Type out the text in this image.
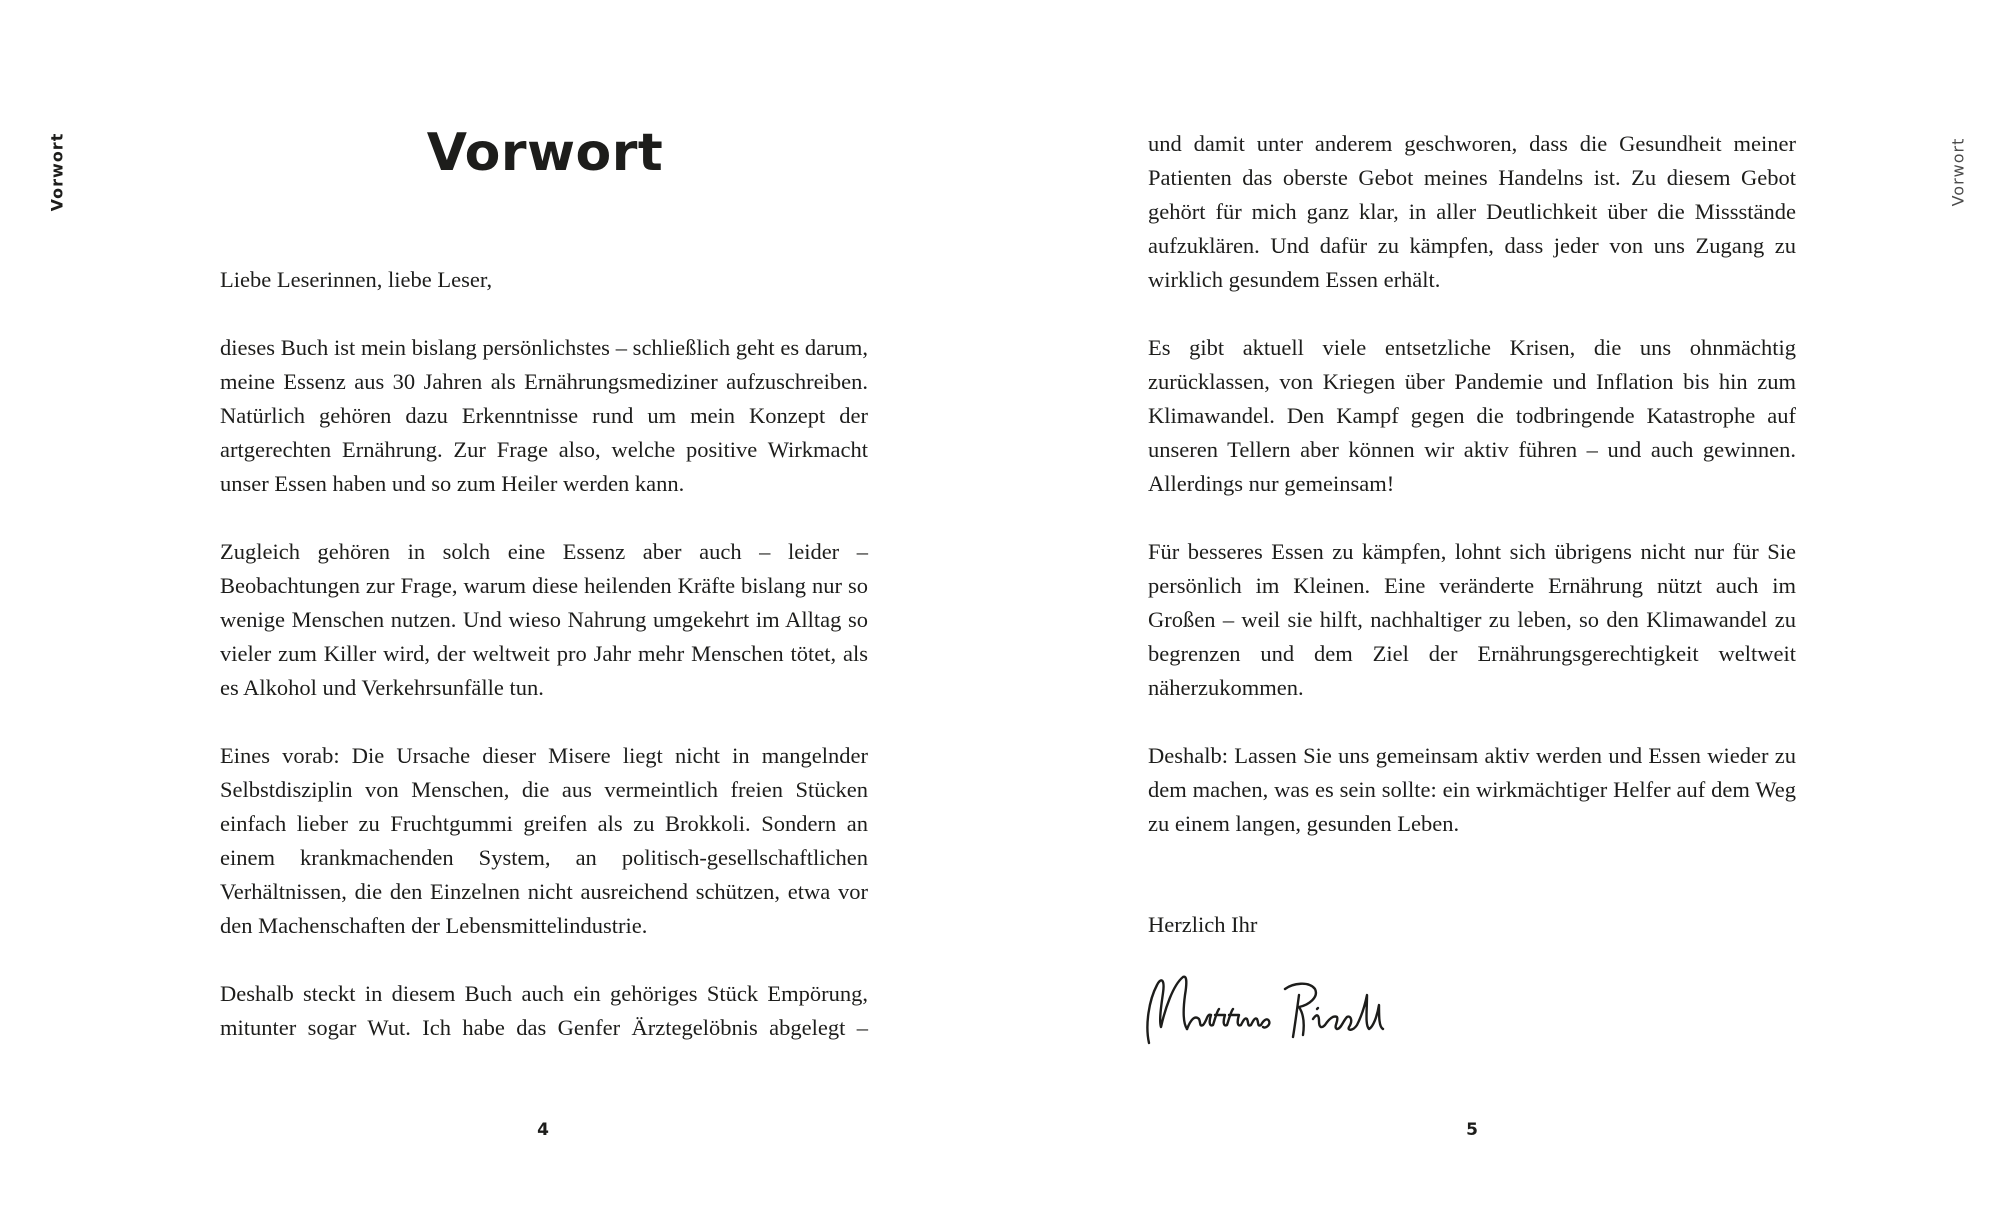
Vorwort	Vorwort

Liebe Leserinnen, liebe Leser,

dieses Buch ist mein bislang persönlichstes – schließlich geht es darum, meine Essenz aus 30 Jahren als Ernährungsmediziner aufzuschreiben. Natürlich gehören dazu Erkenntnisse rund um mein Konzept der artgerechten Ernährung. Zur Frage also, welche positive Wirkmacht unser Essen haben und so zum Heiler werden kann.

Zugleich gehören in solch eine Essenz aber auch – leider – Beobachtungen zur Frage, warum diese heilenden Kräfte bislang nur so wenige Menschen nutzen. Und wieso Nahrung umgekehrt im Alltag so vieler zum Killer wird, der weltweit pro Jahr mehr Menschen tötet, als es Alkohol und Verkehrsunfälle tun.

Eines vorab: Die Ursache dieser Misere liegt nicht in mangelnder Selbstdisziplin von Menschen, die aus vermeintlich freien Stücken einfach lieber zu Fruchtgummi greifen als zu Brokkoli. Sondern an einem krankmachenden System, an politisch-gesellschaftlichen Verhältnissen, die den Einzelnen nicht ausreichend schützen, etwa vor den Machenschaften der Lebensmittelindustrie.

Deshalb steckt in diesem Buch auch ein gehöriges Stück Empörung, mitunter sogar Wut. Ich habe das Genfer Ärztegelöbnis abgelegt –

4
Vorwort

und damit unter anderem geschworen, dass die Gesundheit meiner Patienten das oberste Gebot meines Handelns ist. Zu diesem Gebot gehört für mich ganz klar, in aller Deutlichkeit über die Missstände aufzuklären. Und dafür zu kämpfen, dass jeder von uns Zugang zu wirklich gesundem Essen erhält.

Es gibt aktuell viele entsetzliche Krisen, die uns ohnmächtig zurücklassen, von Kriegen über Pandemie und Inflation bis hin zum Klimawandel. Den Kampf gegen die todbringende Katastrophe auf unseren Tellern aber können wir aktiv führen – und auch gewinnen. Allerdings nur gemeinsam!

Für besseres Essen zu kämpfen, lohnt sich übrigens nicht nur für Sie persönlich im Kleinen. Eine veränderte Ernährung nützt auch im Großen – weil sie hilft, nachhaltiger zu leben, so den Klimawandel zu begrenzen und dem Ziel der Ernährungsgerechtigkeit weltweit näherzukommen.

Deshalb: Lassen Sie uns gemeinsam aktiv werden und Essen wieder zu dem machen, was es sein sollte: ein wirkmächtiger Helfer auf dem Weg zu einem langen, gesunden Leben.

Herzlich Ihr
5
